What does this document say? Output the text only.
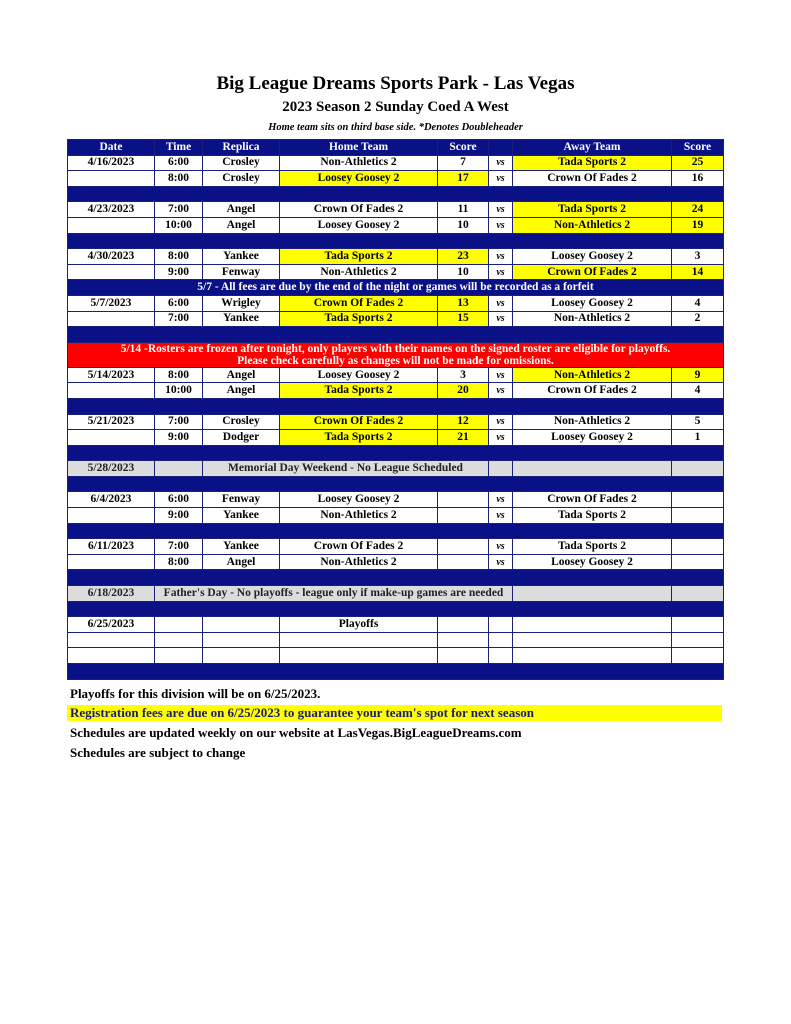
Big League Dreams Sports Park - Las Vegas
2023 Season 2 Sunday Coed A West
Home team sits on third base side. *Denotes Doubleheader
Date	Time	Replica	Home Team	Score		Away Team	Score
4/16/2023	6:00	Crosley	Non-Athletics 2	7	vs	Tada Sports 2	25
	8:00	Crosley	Loosey Goosey 2	17	vs	Crown Of Fades 2	16

4/23/2023	7:00	Angel	Crown Of Fades 2	11	vs	Tada Sports 2	24
	10:00	Angel	Loosey Goosey 2	10	vs	Non-Athletics 2	19

4/30/2023	8:00	Yankee	Tada Sports 2	23	vs	Loosey Goosey 2	3
	9:00	Fenway	Non-Athletics 2	10	vs	Crown Of Fades 2	14
5/7 - All fees are due by the end of the night or games will be recorded as a forfeit							
5/7/2023	6:00	Wrigley	Crown Of Fades 2	13	vs	Loosey Goosey 2	4
	7:00	Yankee	Tada Sports 2	15	vs	Non-Athletics 2	2

5/14 -Rosters are frozen after tonight, only players with their names on the signed roster are eligible for playoffs.
Please check carefully as changes will not be made for omissions.							

5/14/2023	8:00	Angel	Loosey Goosey 2	3	vs	Non-Athletics 2	9
	10:00	Angel	Tada Sports 2	20	vs	Crown Of Fades 2	4

5/21/2023	7:00	Crosley	Crown Of Fades 2	12	vs	Non-Athletics 2	5
	9:00	Dodger	Tada Sports 2	21	vs	Loosey Goosey 2	1

5/28/2023		Memorial Day Weekend - No League Scheduled					

6/4/2023	6:00	Fenway	Loosey Goosey 2		vs	Crown Of Fades 2	
	9:00	Yankee	Non-Athletics 2		vs	Tada Sports 2	

6/11/2023	7:00	Yankee	Crown Of Fades 2		vs	Tada Sports 2	
	8:00	Angel	Non-Athletics 2		vs	Loosey Goosey 2	

6/18/2023	Father's Day - No playoffs - league only if make-up games are needed						

6/25/2023			Playoffs				

Playoffs for this division will be on 6/25/2023.
Registration fees are due on 6/25/2023 to guarantee your team's spot for next season
Schedules are updated weekly on our website at LasVegas.BigLeagueDreams.com
Schedules are subject to change
